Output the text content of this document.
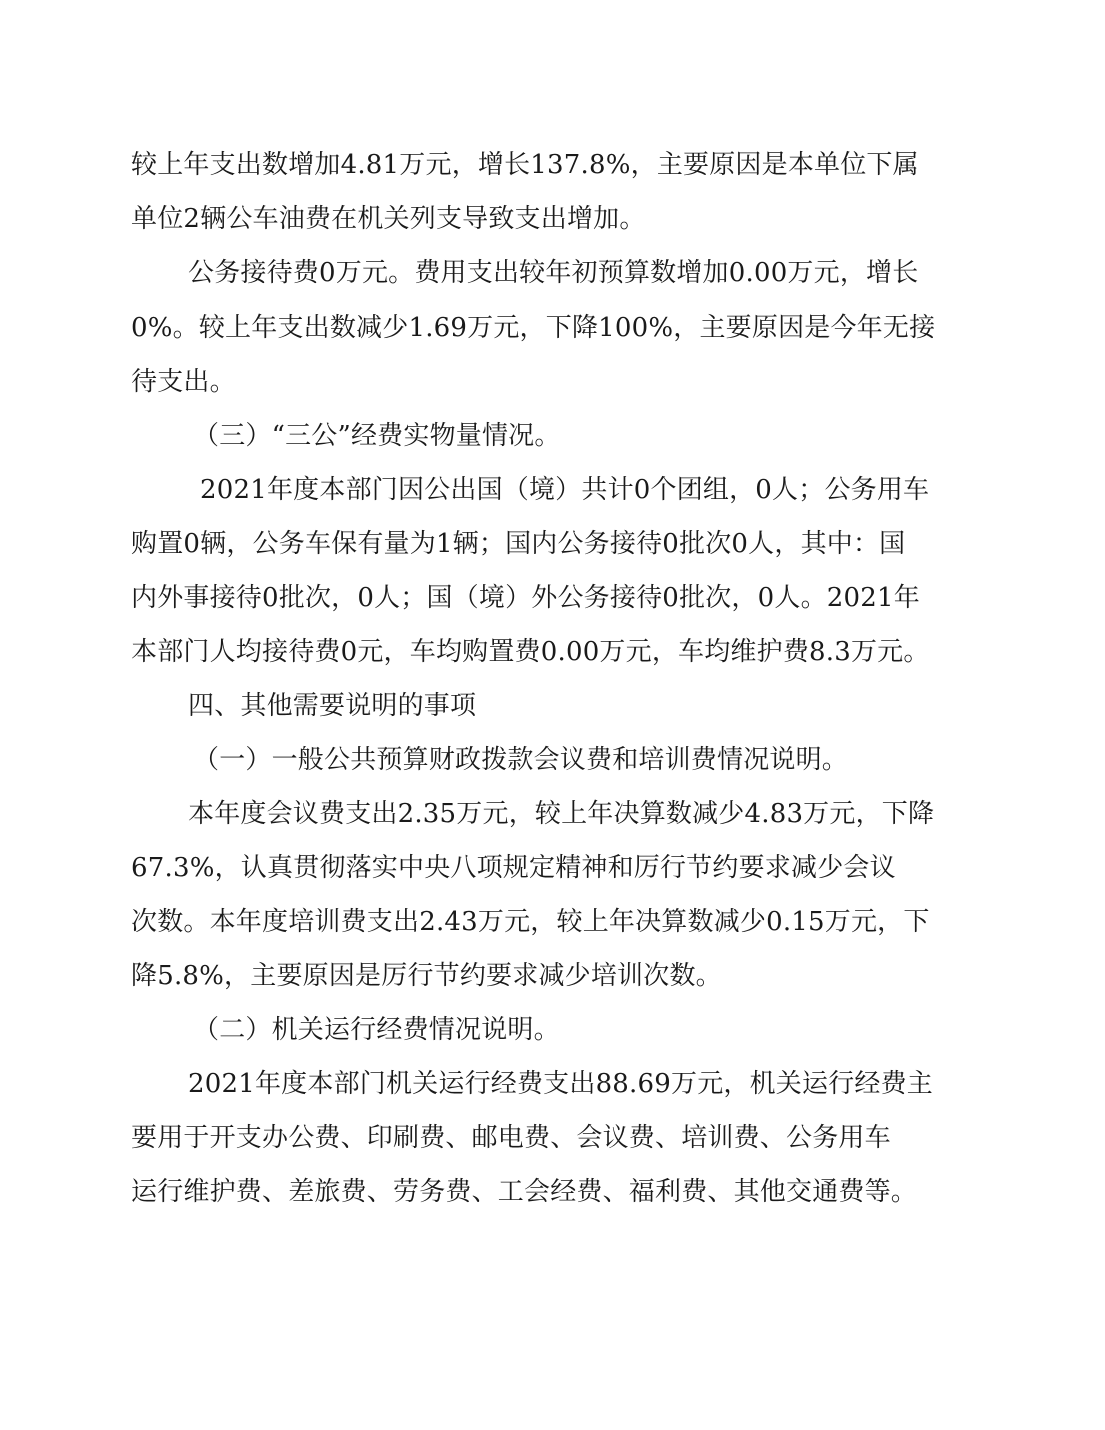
较上年支出数增加4.81万元，增长137.8%，主要原因是本单位下属

单位2辆公车油费在机关列支导致支出增加。

公务接待费0万元。费用支出较年初预算数增加0.00万元，增长

0%。较上年支出数减少1.69万元，下降100%，主要原因是今年无接

待支出。

（三）“三公”经费实物量情况。

2021年度本部门因公出国（境）共计0个团组，0人；公务用车

购置0辆，公务车保有量为1辆；国内公务接待0批次0人，其中：国

内外事接待0批次，0人；国（境）外公务接待0批次，0人。2021年

本部门人均接待费0元，车均购置费0.00万元，车均维护费8.3万元。

四、其他需要说明的事项

（一）一般公共预算财政拨款会议费和培训费情况说明。

本年度会议费支出2.35万元，较上年决算数减少4.83万元，下降

67.3%，认真贯彻落实中央八项规定精神和厉行节约要求减少会议

次数。本年度培训费支出2.43万元，较上年决算数减少0.15万元，下

降5.8%，主要原因是厉行节约要求减少培训次数。

（二）机关运行经费情况说明。

2021年度本部门机关运行经费支出88.69万元，机关运行经费主

要用于开支办公费、印刷费、邮电费、会议费、培训费、公务用车

运行维护费、差旅费、劳务费、工会经费、福利费、其他交通费等。
